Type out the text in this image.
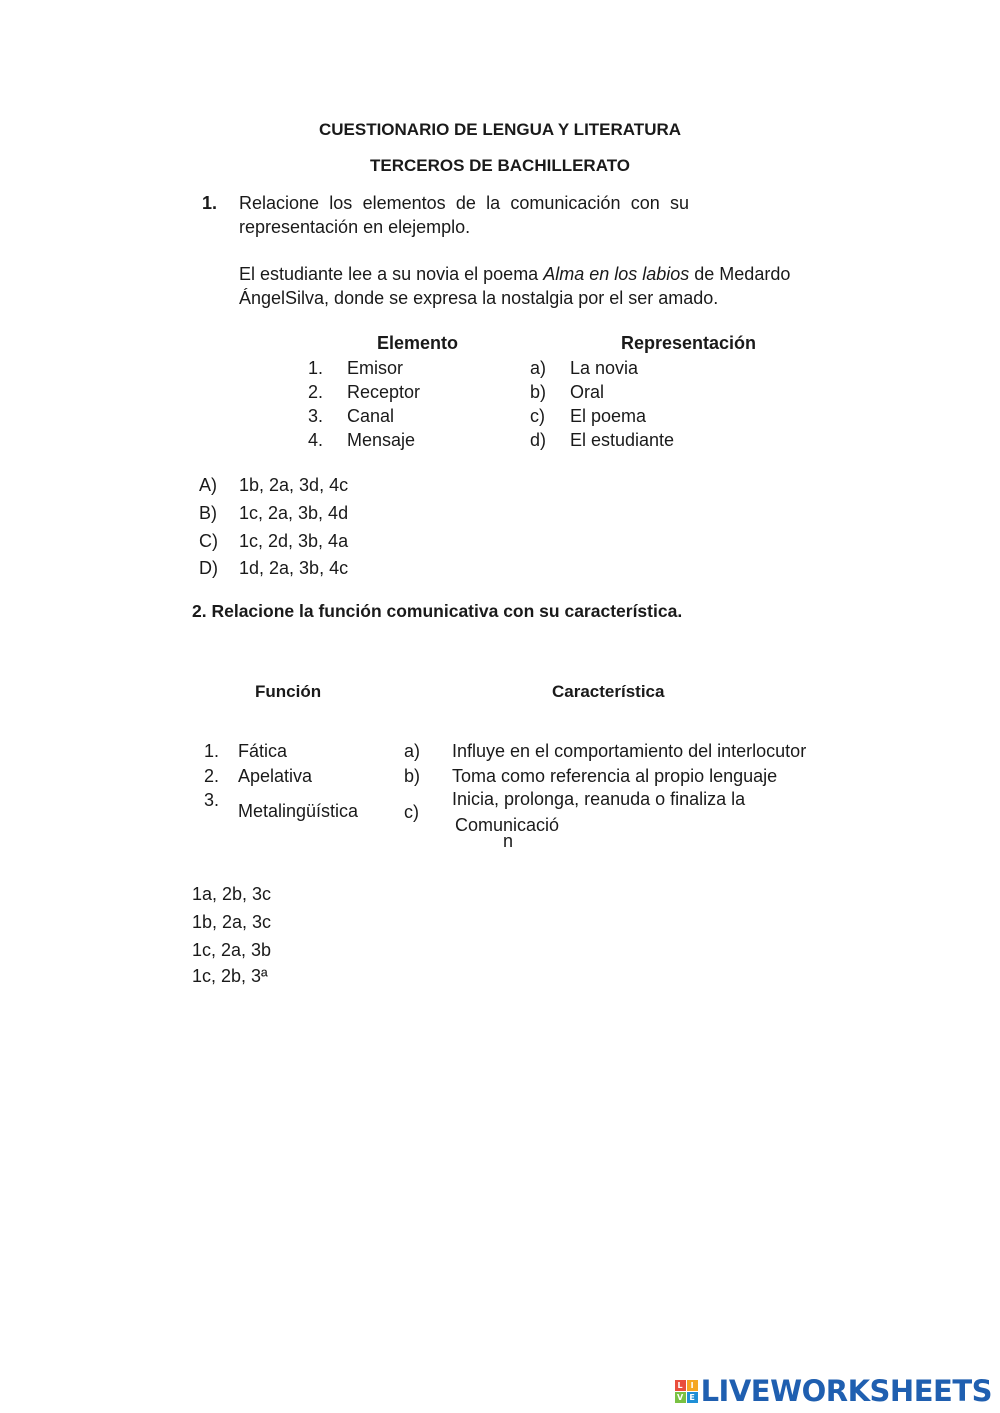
CUESTIONARIO DE LENGUA Y LITERATURA
TERCEROS DE BACHILLERATO
1. Relacione los elementos de la comunicación con su
representación en elejemplo.
El estudiante lee a su novia el poema Alma en los labios de Medardo
ÁngelSilva, donde se expresa la nostalgia por el ser amado.
Elemento	Representación
1. Emisor
2. Receptor
3. Canal
4. Mensaje
a) La novia
b) Oral
c) El poema
d) El estudiante
A) 1b, 2a, 3d, 4c
B) 1c, 2a, 3b, 4d
C) 1c, 2d, 3b, 4a
D) 1d, 2a, 3b, 4c
2. Relacione la función comunicativa con su característica.
Función	Característica
1. Fática
2. Apelativa
3.
Metalingüística
a) Influye en el comportamiento del interlocutor
b) Toma como referencia al propio lenguaje
c)
Inicia, prolonga, reanuda o finaliza la
Comunicació
n
1a, 2b, 3c
1b, 2a, 3c
1c, 2a, 3b
1c, 2b, 3ª
L I
V E LIVEWORKSHEETS
